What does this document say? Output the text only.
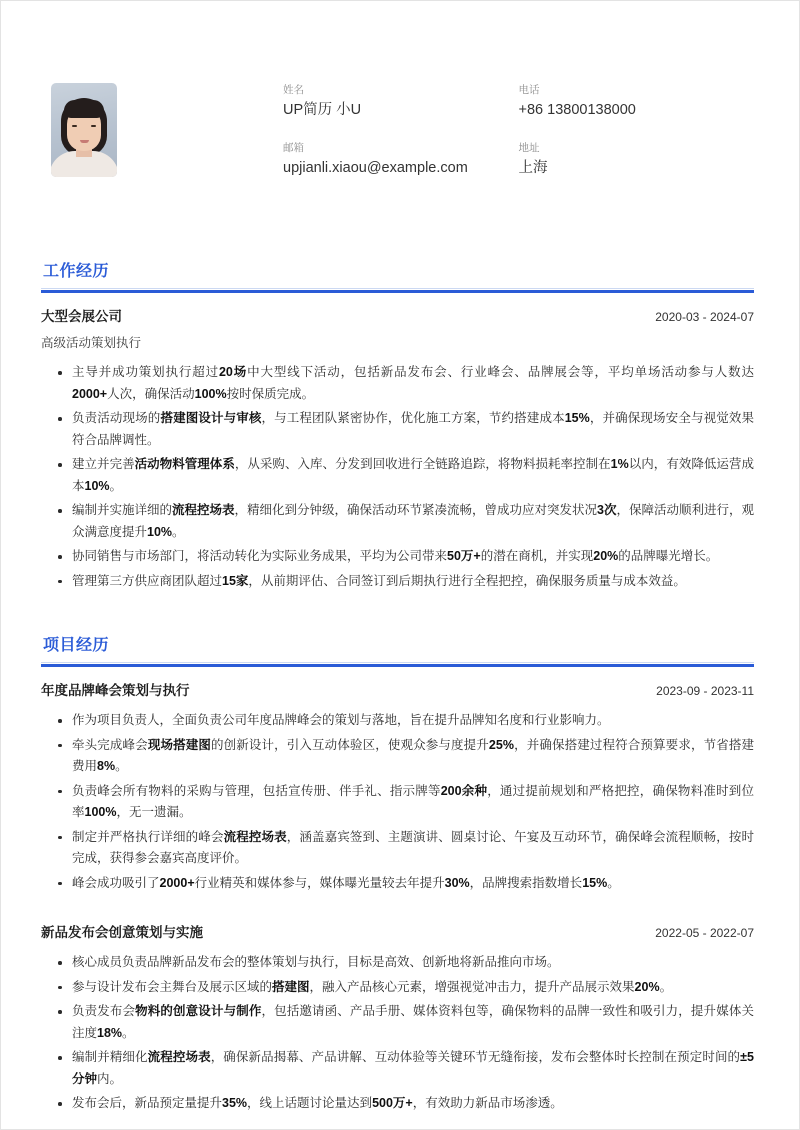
姓名
UP简历 小U
电话
+86 13800138000
邮箱
upjianli.xiaou@example.com
地址
上海
工作经历
大型会展公司	2020-03 - 2024-07
高级活动策划执行
主导并成功策划执行超过20场中大型线下活动，包括新品发布会、行业峰会、品牌展会等，平均单场活动参与人数达2000+人次，确保活动100%按时保质完成。
负责活动现场的搭建图设计与审核，与工程团队紧密协作，优化施工方案，节约搭建成本15%，并确保现场安全与视觉效果符合品牌调性。
建立并完善活动物料管理体系，从采购、入库、分发到回收进行全链路追踪，将物料损耗率控制在1%以内，有效降低运营成本10%。
编制并实施详细的流程控场表，精细化到分钟级，确保活动环节紧凑流畅，曾成功应对突发状况3次，保障活动顺利进行，观众满意度提升10%。
协同销售与市场部门，将活动转化为实际业务成果，平均为公司带来50万+的潜在商机，并实现20%的品牌曝光增长。
管理第三方供应商团队超过15家，从前期评估、合同签订到后期执行进行全程把控，确保服务质量与成本效益。
项目经历
年度品牌峰会策划与执行	2023-09 - 2023-11
作为项目负责人，全面负责公司年度品牌峰会的策划与落地，旨在提升品牌知名度和行业影响力。
牵头完成峰会现场搭建图的创新设计，引入互动体验区，使观众参与度提升25%，并确保搭建过程符合预算要求，节省搭建费用8%。
负责峰会所有物料的采购与管理，包括宣传册、伴手礼、指示牌等200余种，通过提前规划和严格把控，确保物料准时到位率100%，无一遗漏。
制定并严格执行详细的峰会流程控场表，涵盖嘉宾签到、主题演讲、圆桌讨论、午宴及互动环节，确保峰会流程顺畅，按时完成，获得参会嘉宾高度评价。
峰会成功吸引了2000+行业精英和媒体参与，媒体曝光量较去年提升30%，品牌搜索指数增长15%。
新品发布会创意策划与实施	2022-05 - 2022-07
核心成员负责品牌新品发布会的整体策划与执行，目标是高效、创新地将新品推向市场。
参与设计发布会主舞台及展示区域的搭建图，融入产品核心元素，增强视觉冲击力，提升产品展示效果20%。
负责发布会物料的创意设计与制作，包括邀请函、产品手册、媒体资料包等，确保物料的品牌一致性和吸引力，提升媒体关注度18%。
编制并精细化流程控场表，确保新品揭幕、产品讲解、互动体验等关键环节无缝衔接，发布会整体时长控制在预定时间的±5分钟内。
发布会后，新品预定量提升35%，线上话题讨论量达到500万+，有效助力新品市场渗透。
